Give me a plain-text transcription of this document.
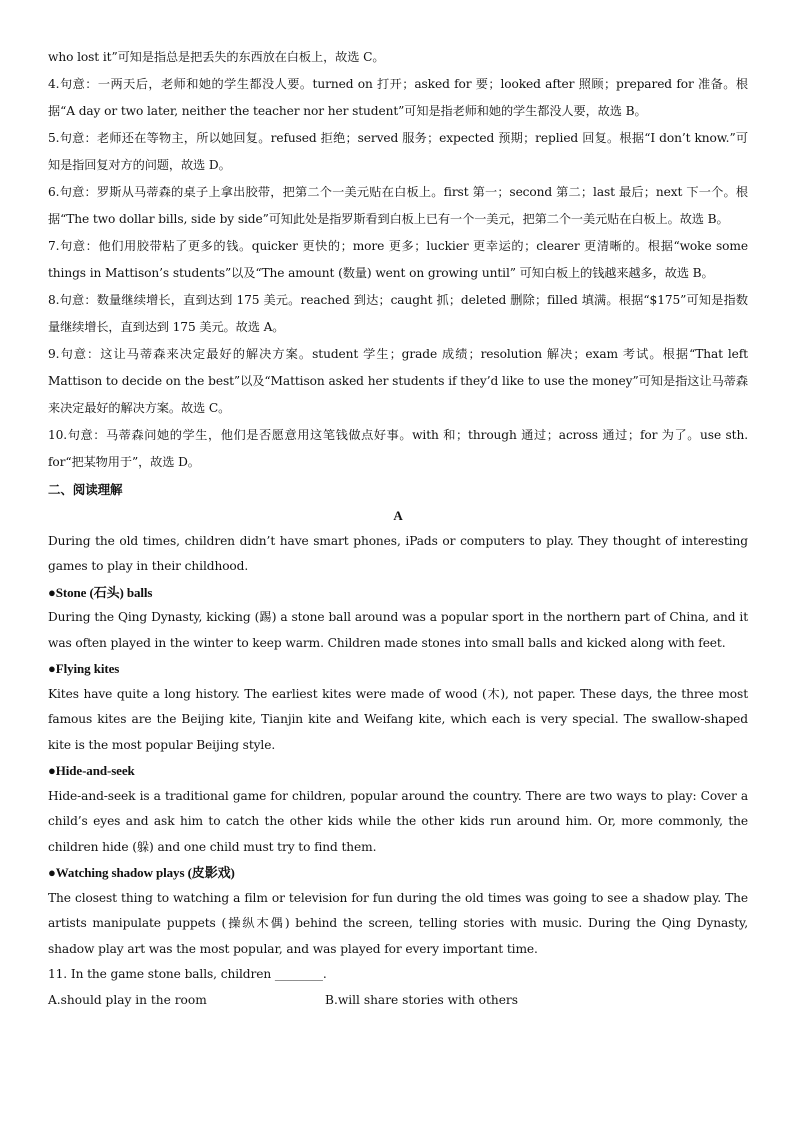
who lost it”可知是指总是把丢失的东西放在白板上，故选 C。

4.句意：一两天后，老师和她的学生都没人要。turned on 打开；asked for 要；looked after 照顾；prepared for 准备。根据“A day or two later, neither the teacher nor her student”可知是指老师和她的学生都没人要，故选 B。

5.句意：老师还在等物主，所以她回复。refused 拒绝；served 服务；expected 预期；replied 回复。根据“I don’t know.”可知是指回复对方的问题，故选 D。

6.句意：罗斯从马蒂森的桌子上拿出胶带，把第二个一美元贴在白板上。first 第一；second 第二；last 最后；next 下一个。根据“The two dollar bills, side by side”可知此处是指罗斯看到白板上已有一个一美元，把第二个一美元贴在白板上。故选 B。

7.句意：他们用胶带粘了更多的钱。quicker 更快的；more 更多；luckier 更幸运的；clearer 更清晰的。根据“woke some things in Mattison’s students”以及“The amount (数量) went on growing until” 可知白板上的钱越来越多，故选 B。

8.句意：数量继续增长，直到达到 175 美元。reached 到达；caught 抓；deleted 删除；filled 填满。根据“$175”可知是指数量继续增长，直到达到 175 美元。故选 A。

9.句意：这让马蒂森来决定最好的解决方案。student 学生；grade 成绩；resolution 解决；exam 考试。根据“That left Mattison to decide on the best”以及“Mattison asked her students if they’d like to use the money”可知是指这让马蒂森来决定最好的解决方案。故选 C。

10.句意：马蒂森问她的学生，他们是否愿意用这笔钱做点好事。with 和；through 通过；across 通过；for 为了。use sth. for“把某物用于”，故选 D。

二、阅读理解

A

During the old times, children didn’t have smart phones, iPads or computers to play. They thought of interesting games to play in their childhood.

●Stone (石头) balls

During the Qing Dynasty, kicking (踢) a stone ball around was a popular sport in the northern part of China, and it was often played in the winter to keep warm. Children made stones into small balls and kicked along with feet.

●Flying kites

Kites have quite a long history. The earliest kites were made of wood (木), not paper. These days, the three most famous kites are the Beijing kite, Tianjin kite and Weifang kite, which each is very special. The swallow-shaped kite is the most popular Beijing style.

●Hide-and-seek

Hide-and-seek is a traditional game for children, popular around the country. There are two ways to play: Cover a child’s eyes and ask him to catch the other kids while the other kids run around him. Or, more commonly, the children hide (躲) and one child must try to find them.

●Watching shadow plays (皮影戏)

The closest thing to watching a film or television for fun during the old times was going to see a shadow play. The artists manipulate puppets (操纵木偶) behind the screen, telling stories with music. During the Qing Dynasty, shadow play art was the most popular, and was played for every important time.

11. In the game stone balls, children ________.

A.should play in the room	B.will share stories with others
